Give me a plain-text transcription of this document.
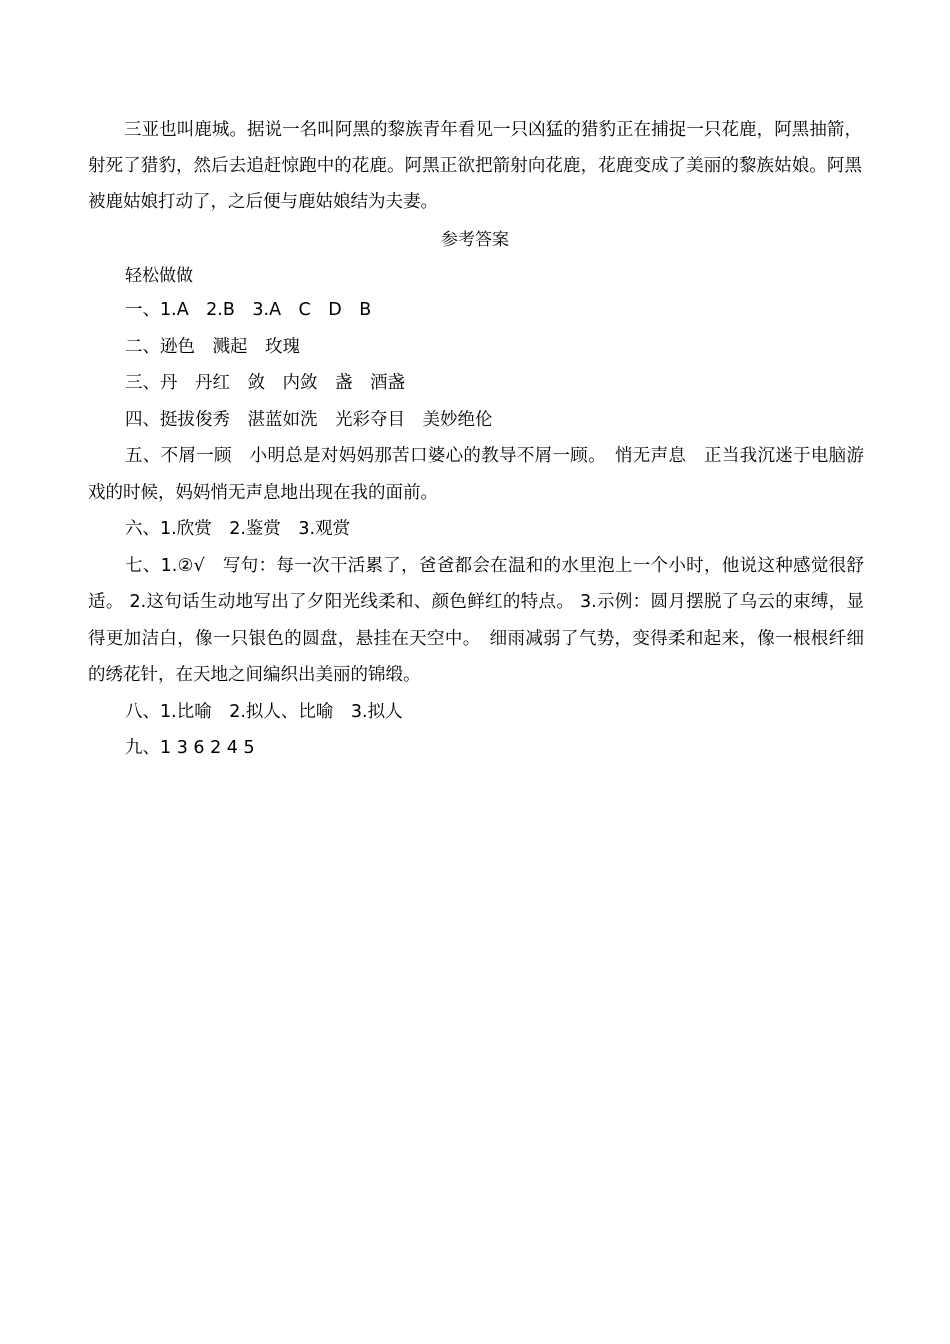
三亚也叫鹿城。据说一名叫阿黑的黎族青年看见一只凶猛的猎豹正在捕捉一只花鹿，阿黑抽箭，射死了猎豹，然后去追赶惊跑中的花鹿。阿黑正欲把箭射向花鹿，花鹿变成了美丽的黎族姑娘。阿黑被鹿姑娘打动了，之后便与鹿姑娘结为夫妻。

参考答案

轻松做做

一、1.A　2.B　3.A　C　D　B

二、逊色　溅起　玫瑰

三、丹　丹红　敛　内敛　盏　酒盏

四、挺拔俊秀　湛蓝如洗　光彩夺目　美妙绝伦

五、不屑一顾　小明总是对妈妈那苦口婆心的教导不屑一顾。　悄无声息　正当我沉迷于电脑游戏的时候，妈妈悄无声息地出现在我的面前。

六、1.欣赏　2.鉴赏　3.观赏

七、1.②√　写句：每一次干活累了，爸爸都会在温和的水里泡上一个小时，他说这种感觉很舒适。 2.这句话生动地写出了夕阳光线柔和、颜色鲜红的特点。 3.示例：圆月摆脱了乌云的束缚，显得更加洁白，像一只银色的圆盘，悬挂在天空中。　细雨减弱了气势，变得柔和起来，像一根根纤细的绣花针，在天地之间编织出美丽的锦缎。

八、1.比喻　2.拟人、比喻　3.拟人

九、1 3 6 2 4 5
